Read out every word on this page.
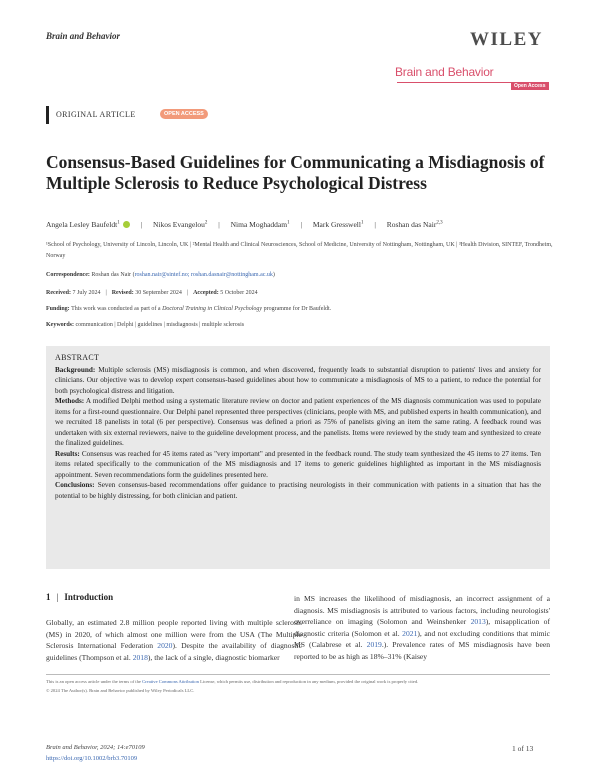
Brain and Behavior	WILEY
Brain and Behavior
Open Access
ORIGINAL ARTICLE	OPEN ACCESS
Consensus-Based Guidelines for Communicating a Misdiagnosis of Multiple Sclerosis to Reduce Psychological Distress
Angela Lesley Baufeldt$^1$	| Nikos Evangelou$^2$ | Nima Moghaddam$^1$ | Mark Gresswell$^1$ | Roshan das Nair$^{2,3}$
¹School of Psychology, University of Lincoln, Lincoln, UK | ²Mental Health and Clinical Neurosciences, School of Medicine, University of Nottingham, Nottingham, UK | ³Health Division, SINTEF, Trondheim, Norway
Correspondence: Roshan das Nair (roshan.nair@sintef.no; roshan.dasnair@nottingham.ac.uk)
Received: 7 July 2024 | Revised: 30 September 2024 | Accepted: 5 October 2024
Funding: This work was conducted as part of a Doctoral Training in Clinical Psychology programme for Dr Baufeldt.
Keywords: communication | Delphi | guidelines | misdiagnosis | multiple sclerosis
ABSTRACT

Background: Multiple sclerosis (MS) misdiagnosis is common, and when discovered, frequently leads to substantial disruption to patients' lives and anxiety for clinicians. Our objective was to develop expert consensus-based guidelines about how to communicate a misdiagnosis of MS to a patient, to reduce the potential for both psychological distress and litigation.

Methods: A modified Delphi method using a systematic literature review on doctor and patient experiences of the MS diagnosis communication was used to populate items for a first-round questionnaire. Our Delphi panel represented three perspectives (clinicians, people with MS, and published experts in health communication), and we recruited 18 panelists in total (6 per perspective). Consensus was defined a priori as 75% of panelists giving an item the same rating. A feedback round was undertaken with six external reviewers, naive to the guideline development process, and the panelists. Items were reviewed by the study team and synthesized to create the finalized guidelines.

Results: Consensus was reached for 45 items rated as "very important" and presented in the feedback round. The study team synthesized the 45 items to 27 items. Ten items related specifically to the communication of the MS misdiagnosis and 17 items to generic guidelines highlighted as important in the MS misdiagnosis appointment. Seven recommendations form the guidelines presented here.

Conclusions: Seven consensus-based recommendations offer guidance to practising neurologists in their communication with patients in a situation that has the potential to be highly distressing, for both clinician and patient.

1 | Introduction
Globally, an estimated 2.8 million people reported living with multiple sclerosis (MS) in 2020, of which almost one million were from the USA (The Multiple Sclerosis International Federation 2020). Despite the availability of diagnostic guidelines (Thompson et al. 2018), the lack of a single, diagnostic biomarker
in MS increases the likelihood of misdiagnosis, an incorrect assignment of a diagnosis. MS misdiagnosis is attributed to various factors, including neurologists' overreliance on imaging (Solomon and Weinshenker 2013), misapplication of diagnostic criteria (Solomon et al. 2021), and not excluding conditions that mimic MS (Calabrese et al. 2019.). Prevalence rates of MS misdiagnosis have been reported to be as high as 18%–31% (Kaisey
This is an open access article under the terms of the Creative Commons Attribution License, which permits use, distribution and reproduction in any medium, provided the original work is properly cited.
© 2024 The Author(s). Brain and Behavior published by Wiley Periodicals LLC.
Brain and Behavior, 2024; 14:e70109
https://doi.org/10.1002/brb3.70109
1 of 13
